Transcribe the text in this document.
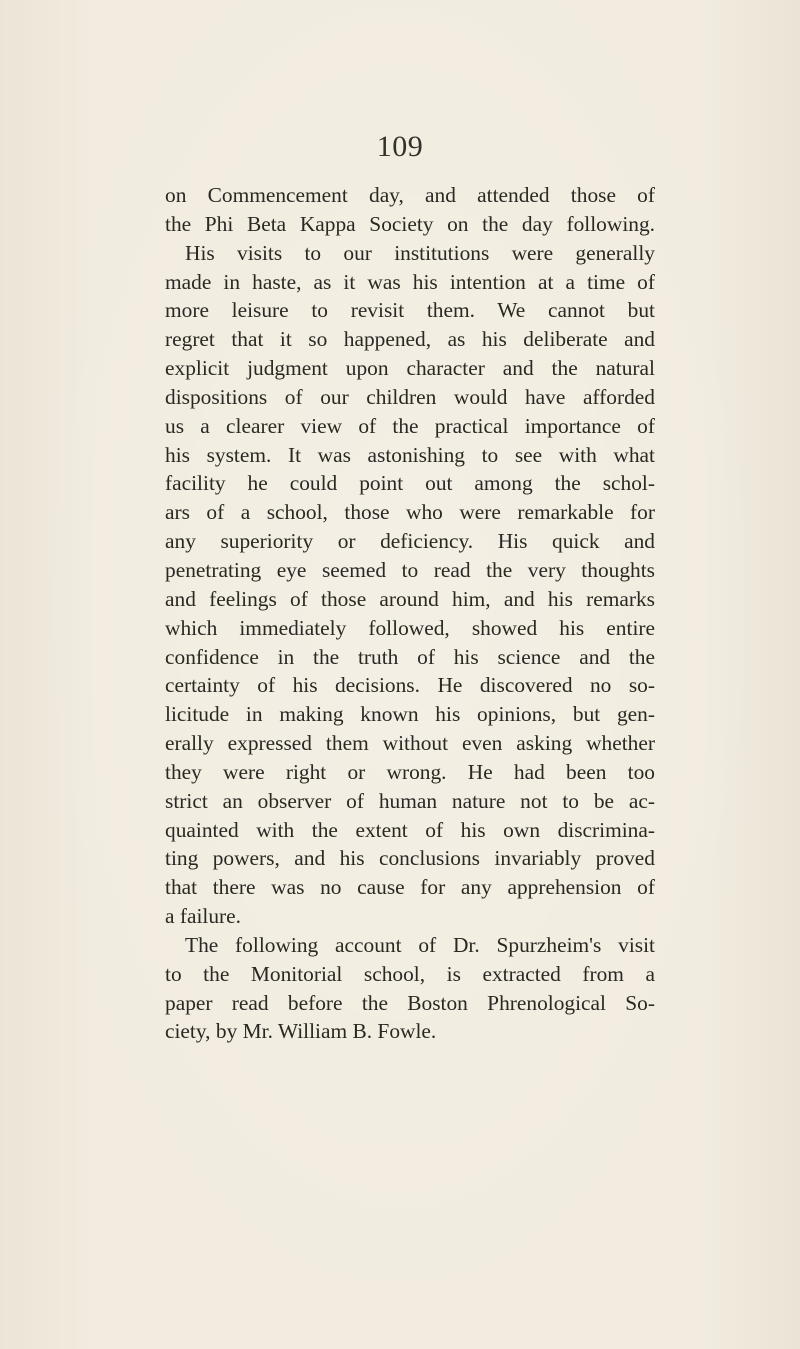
109
on Commencement day, and attended those of
the Phi Beta Kappa Society on the day following.
His visits to our institutions were generally
made in haste, as it was his intention at a time of
more leisure to revisit them. We cannot but
regret that it so happened, as his deliberate and
explicit judgment upon character and the natural
dispositions of our children would have afforded
us a clearer view of the practical importance of
his system. It was astonishing to see with what
facility he could point out among the schol-
ars of a school, those who were remarkable for
any superiority or deficiency. His quick and
penetrating eye seemed to read the very thoughts
and feelings of those around him, and his remarks
which immediately followed, showed his entire
confidence in the truth of his science and the
certainty of his decisions. He discovered no so-
licitude in making known his opinions, but gen-
erally expressed them without even asking whether
they were right or wrong. He had been too
strict an observer of human nature not to be ac-
quainted with the extent of his own discrimina-
ting powers, and his conclusions invariably proved
that there was no cause for any apprehension of
a failure.
The following account of Dr. Spurzheim's visit
to the Monitorial school, is extracted from a
paper read before the Boston Phrenological So-
ciety, by Mr. William B. Fowle.
